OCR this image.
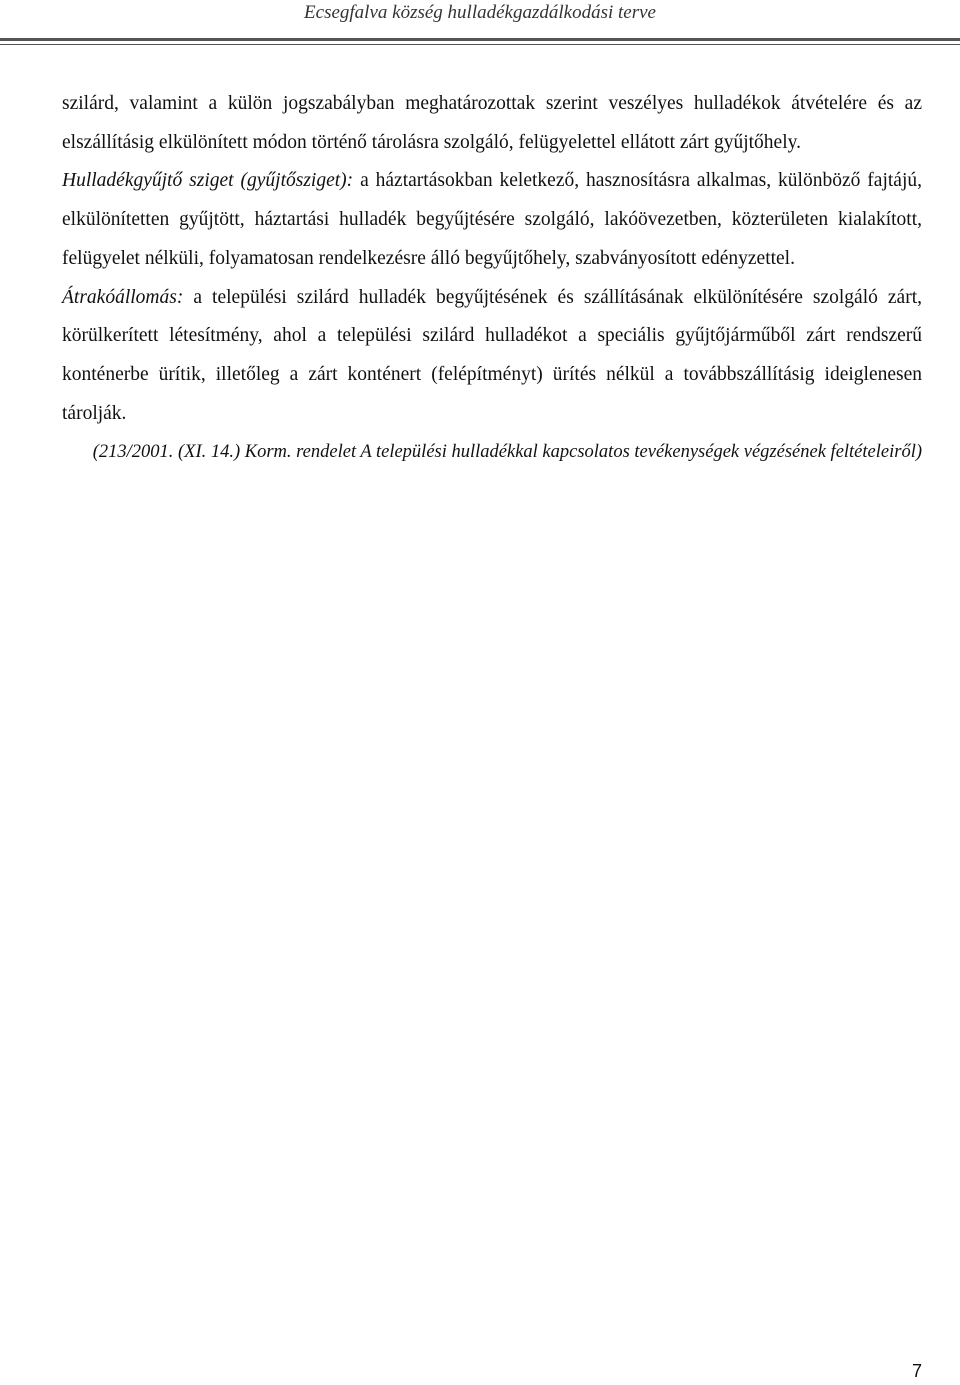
Ecsegfalva község hulladékgazdálkodási terve

szilárd, valamint a külön jogszabályban meghatározottak szerint veszélyes hulladékok átvételére és az elszállításig elkülönített módon történő tárolásra szolgáló, felügyelettel ellátott zárt gyűjtőhely.

Hulladékgyűjtő sziget (gyűjtősziget): a háztartásokban keletkező, hasznosításra alkalmas, különböző fajtájú, elkülönítetten gyűjtött, háztartási hulladék begyűjtésére szolgáló, lakóövezetben, közterületen kialakított, felügyelet nélküli, folyamatosan rendelkezésre álló begyűjtőhely, szabványosított edényzettel.

Átrakóállomás: a települési szilárd hulladék begyűjtésének és szállításának elkülönítésére szolgáló zárt, körülkerített létesítmény, ahol a települési szilárd hulladékot a speciális gyűjtőjárműből zárt rendszerű konténerbe ürítik, illetőleg a zárt konténert (felépítményt) ürítés nélkül a továbbszállításig ideiglenesen tárolják.

(213/2001. (XI. 14.) Korm. rendelet A települési hulladékkal kapcsolatos tevékenységek végzésének feltételeiről)

7
